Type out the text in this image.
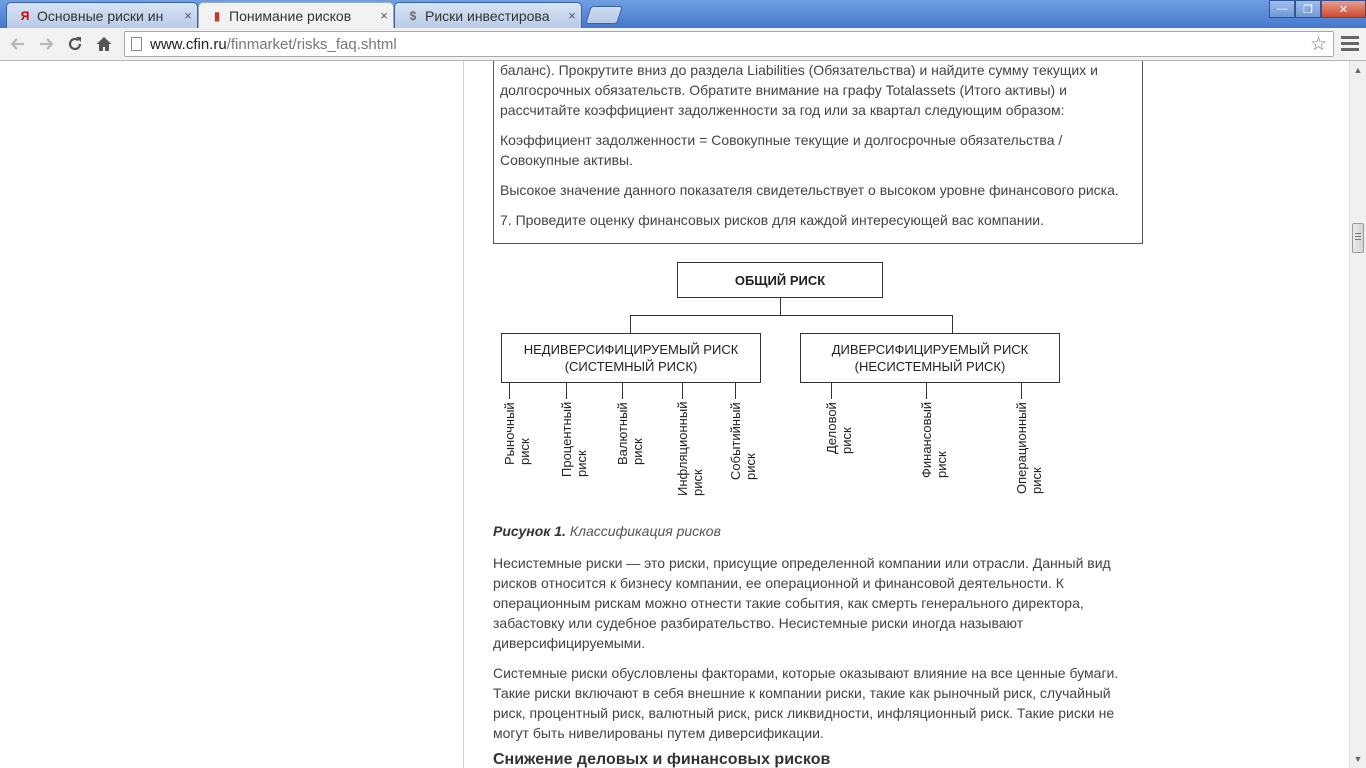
Я Основные риски ин	×	▮ Понимание рисков	×	$ Риски инвестирова	×	—	❐	✕
www.cfin.ru/finmarket/risks_faq.shtml	☆

баланс). Прокрутите вниз до раздела Liabilities (Обязательства) и найдите сумму текущих и долгосрочных обязательств. Обратите внимание на графу Totalassets (Итого активы) и рассчитайте коэффициент задолженности за год или за квартал следующим образом:

Коэффициент задолженности = Совокупные текущие и долгосрочные обязательства / Совокупные активы.

Высокое значение данного показателя свидетельствует о высоком уровне финансового риска.

7. Проведите оценку финансовых рисков для каждой интересующей вас компании.

ОБЩИЙ РИСК
НЕДИВЕРСИФИЦИРУЕМЫЙ РИСК (СИСТЕМНЫЙ РИСК)
ДИВЕРСИФИЦИРУЕМЫЙ РИСК (НЕСИСТЕМНЫЙ РИСК)
Рыночный риск Процентный риск Валютный риск Инфляционный риск
Событийный риск
Деловой риск	Финансовый риск	Операционный риск
Рисунок 1. Классификация рисков

Несистемные риски — это риски, присущие определенной компании или отрасли. Данный вид рисков относится к бизнесу компании, ее операционной и финансовой деятельности. К операционным рискам можно отнести такие события, как смерть генерального директора, забастовку или судебное разбирательство. Несистемные риски иногда называют диверсифицируемыми.

Системные риски обусловлены факторами, которые оказывают влияние на все ценные бумаги. Такие риски включают в себя внешние к компании риски, такие как рыночный риск, случайный риск, процентный риск, валютный риск, риск ликвидности, инфляционный риск. Такие риски не могут быть нивелированы путем диверсификации.

Снижение деловых и финансовых рисков
▲
▼
